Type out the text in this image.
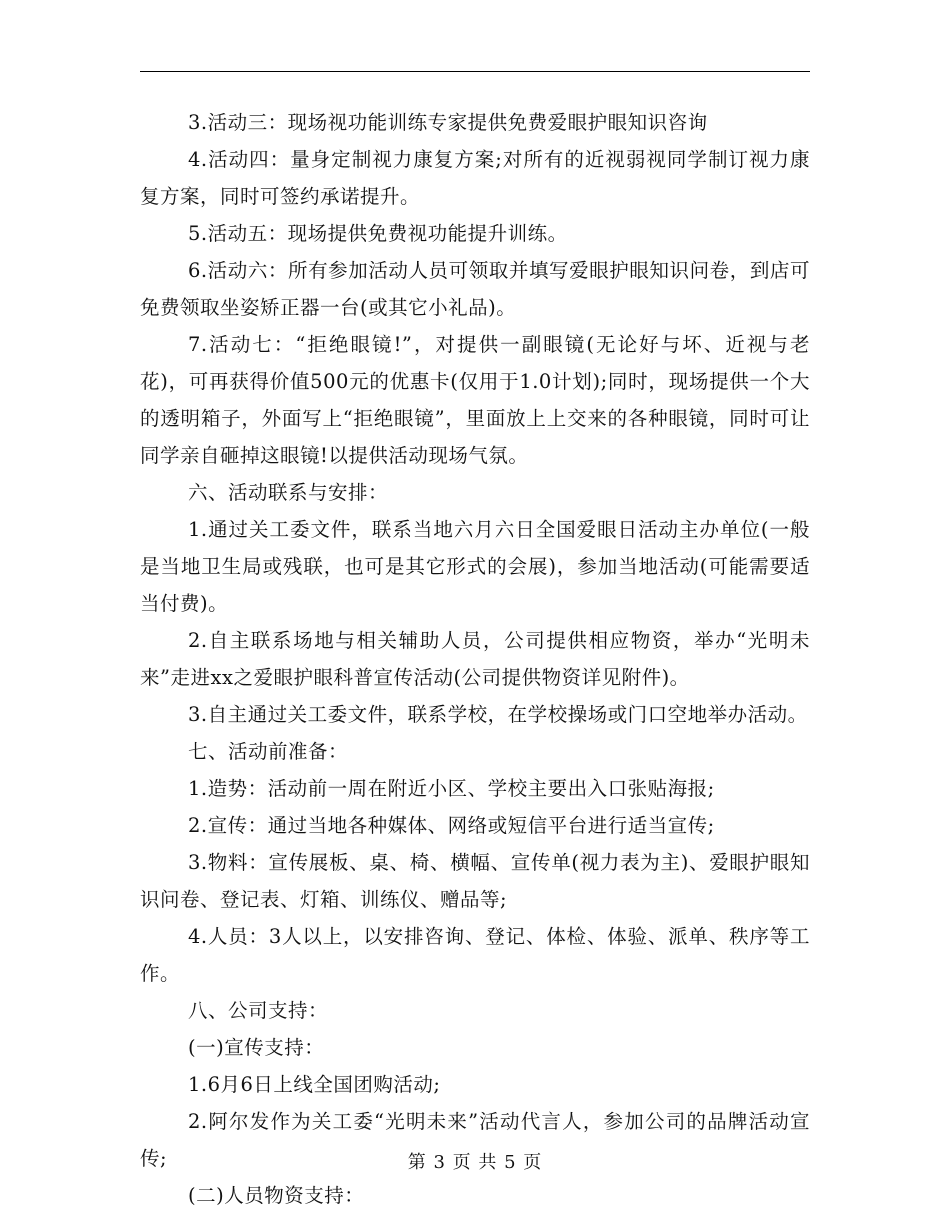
3.活动三：现场视功能训练专家提供免费爱眼护眼知识咨询

4.活动四：量身定制视力康复方案;对所有的近视弱视同学制订视力康复方案，同时可签约承诺提升。

5.活动五：现场提供免费视功能提升训练。

6.活动六：所有参加活动人员可领取并填写爱眼护眼知识问卷，到店可免费领取坐姿矫正器一台(或其它小礼品)。

7.活动七：“拒绝眼镜!”，对提供一副眼镜(无论好与坏、近视与老花)，可再获得价值500元的优惠卡(仅用于1.0计划);同时，现场提供一个大的透明箱子，外面写上“拒绝眼镜”，里面放上上交来的各种眼镜，同时可让同学亲自砸掉这眼镜!以提供活动现场气氛。

六、活动联系与安排：

1.通过关工委文件，联系当地六月六日全国爱眼日活动主办单位(一般是当地卫生局或残联，也可是其它形式的会展)，参加当地活动(可能需要适当付费)。

2.自主联系场地与相关辅助人员，公司提供相应物资，举办“光明未来”走进xx之爱眼护眼科普宣传活动(公司提供物资详见附件)。

3.自主通过关工委文件，联系学校，在学校操场或门口空地举办活动。

七、活动前准备：

1.造势：活动前一周在附近小区、学校主要出入口张贴海报;

2.宣传：通过当地各种媒体、网络或短信平台进行适当宣传;

3.物料：宣传展板、桌、椅、横幅、宣传单(视力表为主)、爱眼护眼知识问卷、登记表、灯箱、训练仪、赠品等;

4.人员：3人以上，以安排咨询、登记、体检、体验、派单、秩序等工作。

八、公司支持：

(一)宣传支持：

1.6月6日上线全国团购活动;

2.阿尔发作为关工委“光明未来”活动代言人，参加公司的品牌活动宣传;

(二)人员物资支持：

第 3 页 共 5 页
